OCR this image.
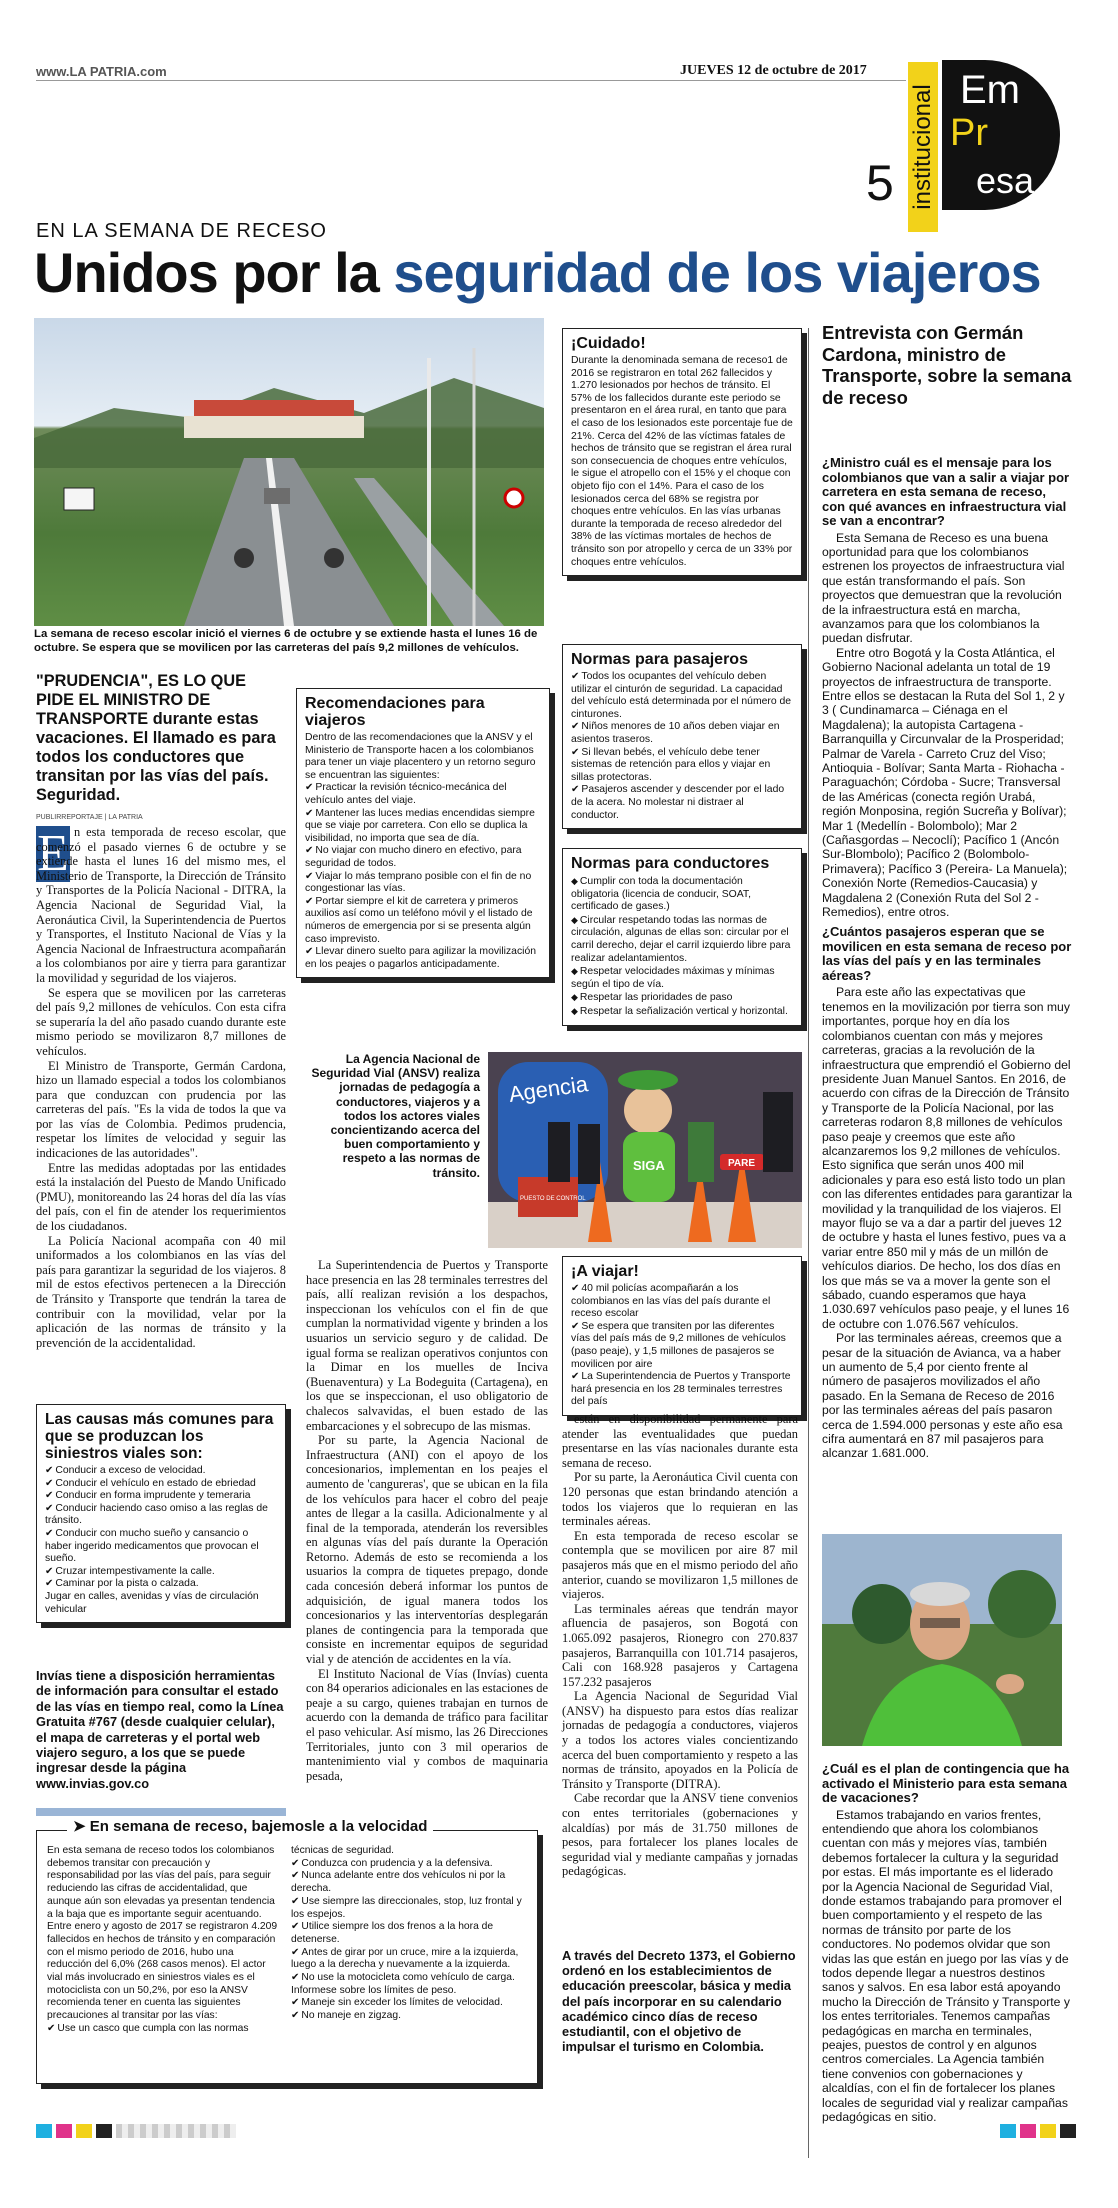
www.LA PATRIA.com	JUEVES 12 de octubre de 2017
5 institucional Em
Pr
esa
EN LA SEMANA DE RECESO
Unidos por la seguridad de los viajeros
La semana de receso escolar inició el viernes 6 de octubre y se extiende hasta el lunes 16 de octubre. Se espera que se movilicen por las carreteras del país 9,2 millones de vehículos.
"PRUDENCIA", ES LO QUE PIDE EL MINISTRO DE TRANSPORTE durante estas vacaciones. El llamado es para todos los conductores que transitan por las vías del país. Seguridad.
PUBLIRREPORTAJE | LA PATRIA
E n esta temporada de receso escolar, que comenzó el pasado viernes 6 de octubre y se extiende hasta el lunes 16 del mismo mes, el Ministerio de Transporte, la Dirección de Tránsito y Transportes de la Policía Nacional - DITRA, la Agencia Nacional de Seguridad Vial, la Aeronáutica Civil, la Superintendencia de Puertos y Transportes, el Instituto Nacional de Vías y la Agencia Nacional de Infraestructura acompañarán a los colombianos por aire y tierra para garantizar la movilidad y seguridad de los viajeros.

Se espera que se movilicen por las carreteras del país 9,2 millones de vehículos. Con esta cifra se superaría la del año pasado cuando durante este mismo periodo se movilizaron 8,7 millones de vehículos.

El Ministro de Transporte, Germán Cardona, hizo un llamado especial a todos los colombianos para que conduzcan con prudencia por las carreteras del país. "Es la vida de todos la que va por las vías de Colombia. Pedimos prudencia, respetar los límites de velocidad y seguir las indicaciones de las autoridades".

Entre las medidas adoptadas por las entidades está la instalación del Puesto de Mando Unificado (PMU), monitoreando las 24 horas del día las vías del país, con el fin de atender los requerimientos de los ciudadanos.

La Policía Nacional acompaña con 40 mil uniformados a los colombianos en las vías del país para garantizar la seguridad de los viajeros. 8 mil de estos efectivos pertenecen a la Dirección de Tránsito y Transporte que tendrán la tarea de contribuir con la movilidad, velar por la aplicación de las normas de tránsito y la prevención de la accidentalidad.

Las causas más comunes para que se produzcan los siniestros viales son:
✔ Conducir a exceso de velocidad.
✔ Conducir el vehículo en estado de ebriedad
✔ Conducir en forma imprudente y temeraria
✔ Conducir haciendo caso omiso a las reglas de tránsito.
✔ Conducir con mucho sueño y cansancio o haber ingerido medicamentos que provocan el sueño.
✔ Cruzar intempestivamente la calle.
✔ Caminar por la pista o calzada.
Jugar en calles, avenidas y vías de circulación vehicular
Invías tiene a disposición herramientas de información para consultar el estado de las vías en tiempo real, como la Línea Gratuita #767 (desde cualquier celular), el mapa de carreteras y el portal web viajero seguro, a los que se puede ingresar desde la página www.invias.gov.co
➤ En semana de receso, bajemosle a la velocidad
En esta semana de receso todos los colombianos debemos transitar con precaución y responsabilidad por las vías del país, para seguir reduciendo las cifras de accidentalidad, que aunque aún son elevadas ya presentan tendencia a la baja que es importante seguir acentuando. Entre enero y agosto de 2017 se registraron 4.209 fallecidos en hechos de tránsito y en comparación con el mismo periodo de 2016, hubo una reducción del 6,0% (268 casos menos). El actor vial más involucrado en siniestros viales es el motociclista con un 50,2%, por eso la ANSV recomienda tener en cuenta las siguientes precauciones al transitar por las vías:
✔ Use un casco que cumpla con las normas
técnicas de seguridad.
✔ Conduzca con prudencia y a la defensiva.
✔ Nunca adelante entre dos vehículos ni por la derecha.
✔ Use siempre las direccionales, stop, luz frontal y los espejos.
✔ Utilice siempre los dos frenos a la hora de detenerse.
✔ Antes de girar por un cruce, mire a la izquierda, luego a la derecha y nuevamente a la izquierda.
✔ No use la motocicleta como vehículo de carga. Informese sobre los límites de peso.
✔ Maneje sin exceder los límites de velocidad.
✔ No maneje en zigzag.
Recomendaciones para viajeros
Dentro de las recomendaciones que la ANSV y el Ministerio de Transporte hacen a los colombianos para tener un viaje placentero y un retorno seguro se encuentran las siguientes:
✔ Practicar la revisión técnico-mecánica del vehículo antes del viaje.
✔ Mantener las luces medias encendidas siempre que se viaje por carretera. Con ello se duplica la visibilidad, no importa que sea de día.
✔ No viajar con mucho dinero en efectivo, para seguridad de todos.
✔ Viajar lo más temprano posible con el fin de no congestionar las vías.
✔ Portar siempre el kit de carretera y primeros auxilios así como un teléfono móvil y el listado de números de emergencia por si se presenta algún caso imprevisto.
✔ Llevar dinero suelto para agilizar la movilización en los peajes o pagarlos anticipadamente.
¡Cuidado!
Durante la denominada semana de receso1 de 2016 se registraron en total 262 fallecidos y 1.270 lesionados por hechos de tránsito. El 57% de los fallecidos durante este periodo se presentaron en el área rural, en tanto que para el caso de los lesionados este porcentaje fue de 21%. Cerca del 42% de las víctimas fatales de hechos de tránsito que se registran el área rural son consecuencia de choques entre vehículos, le sigue el atropello con el 15% y el choque con objeto fijo con el 14%. Para el caso de los lesionados cerca del 68% se registra por choques entre vehículos. En las vías urbanas durante la temporada de receso alrededor del 38% de las víctimas mortales de hechos de tránsito son por atropello y cerca de un 33% por choques entre vehículos.
Normas para pasajeros
✔ Todos los ocupantes del vehículo deben utilizar el cinturón de seguridad. La capacidad del vehículo está determinada por el número de cinturones.
✔ Niños menores de 10 años deben viajar en asientos traseros.
✔ Si llevan bebés, el vehículo debe tener sistemas de retención para ellos y viajar en sillas protectoras.
✔ Pasajeros ascender y descender por el lado de la acera. No molestar ni distraer al conductor.
Normas para conductores
◆ Cumplir con toda la documentación obligatoria (licencia de conducir, SOAT, certificado de gases.)
◆ Circular respetando todas las normas de circulación, algunas de ellas son: circular por el carril derecho, dejar el carril izquierdo libre para realizar adelantamientos.
◆ Respetar velocidades máximas y mínimas según el tipo de vía.
◆ Respetar las prioridades de paso
◆ Respetar la señalización vertical y horizontal.
La Agencia Nacional de Seguridad Vial (ANSV) realiza jornadas de pedagogía a conductores, viajeros y a todos los actores viales concientizando acerca del buen comportamiento y respeto a las normas de tránsito.
Agencia
SIGA	PARE
PUESTO DE CONTROL

La Superintendencia de Puertos y Transporte hace presencia en las 28 terminales terrestres del país, allí realizan revisión a los despachos, inspeccionan los vehículos con el fin de que cumplan la normatividad vigente y brinden a los usuarios un servicio seguro y de calidad. De igual forma se realizan operativos conjuntos con la Dimar en los muelles de Inciva (Buenaventura) y La Bodeguita (Cartagena), en los que se inspeccionan, el uso obligatorio de chalecos salvavidas, el buen estado de las embarcaciones y el sobrecupo de las mismas.

Por su parte, la Agencia Nacional de Infraestructura (ANI) con el apoyo de los concesionarios, implementan en los peajes el aumento de 'cangureras', que se ubican en la fila de los vehículos para hacer el cobro del peaje antes de llegar a la casilla. Adicionalmente y al final de la temporada, atenderán los reversibles en algunas vías del país durante la Operación Retorno. Además de esto se recomienda a los usuarios la compra de tiquetes prepago, donde cada concesión deberá informar los puntos de adquisición, de igual manera todos los concesionarios y las interventorías desplegarán planes de contingencia para la temporada que consiste en incrementar equipos de seguridad vial y de atención de accidentes en la vía.

El Instituto Nacional de Vías (Invías) cuenta con 84 operarios adicionales en las estaciones de peaje a su cargo, quienes trabajan en turnos de acuerdo con la demanda de tráfico para facilitar el paso vehicular. Así mismo, las 26 Direcciones Territoriales, junto con 3 mil operarios de mantenimiento vial y combos de maquinaria pesada,

¡A viajar!
✔ 40 mil policías acompañarán a los colombianos en las vías del país durante el receso escolar
✔ Se espera que transiten por las diferentes vías del país más de 9,2 millones de vehículos (paso peaje), y 1,5 millones de pasajeros se movilicen por aire
✔ La Superintendencia de Puertos y Transporte hará presencia en los 28 terminales terrestres del país

están en disponibilidad permanente para atender las eventualidades que puedan presentarse en las vías nacionales durante esta semana de receso.

Por su parte, la Aeronáutica Civil cuenta con 120 personas que estan brindando atención a todos los viajeros que lo requieran en las terminales aéreas.

En esta temporada de receso escolar se contempla que se movilicen por aire 87 mil pasajeros más que en el mismo periodo del año anterior, cuando se movilizaron 1,5 millones de viajeros.

Las terminales aéreas que tendrán mayor afluencia de pasajeros, son Bogotá con 1.065.092 pasajeros, Rionegro con 270.837 pasajeros, Barranquilla con 101.714 pasajeros, Cali con 168.928 pasajeros y Cartagena 157.232 pasajeros

La Agencia Nacional de Seguridad Vial (ANSV) ha dispuesto para estos días realizar jornadas de pedagogía a conductores, viajeros y a todos los actores viales concientizando acerca del buen comportamiento y respeto a las normas de tránsito, apoyados en la Policía de Tránsito y Transporte (DITRA).

Cabe recordar que la ANSV tiene convenios con entes territoriales (gobernaciones y alcaldías) por más de 31.750 millones de pesos, para fortalecer los planes locales de seguridad vial y mediante campañas y jornadas pedagógicas.

A través del Decreto 1373, el Gobierno ordenó en los establecimientos de educación preescolar, básica y media del país incorporar en su calendario académico cinco días de receso estudiantil, con el objetivo de impulsar el turismo en Colombia.
Entrevista con Germán Cardona, ministro de Transporte, sobre la semana de receso

¿Ministro cuál es el mensaje para los colombianos que van a salir a viajar por carretera en esta semana de receso, con qué avances en infraestructura vial se van a encontrar?

Esta Semana de Receso es una buena oportunidad para que los colombianos estrenen los proyectos de infraestructura vial que están transformando el país. Son proyectos que demuestran que la revolución de la infraestructura está en marcha, avanzamos para que los colombianos la puedan disfrutar.

Entre otro Bogotá y la Costa Atlántica, el Gobierno Nacional adelanta un total de 19 proyectos de infraestructura de transporte. Entre ellos se destacan la Ruta del Sol 1, 2 y 3 ( Cundinamarca – Ciénaga en el Magdalena); la autopista Cartagena - Barranquilla y Circunvalar de la Prosperidad; Palmar de Varela - Carreto Cruz del Viso; Antioquia - Bolívar; Santa Marta - Riohacha - Paraguachón; Córdoba - Sucre; Transversal de las Américas (conecta región Urabá, región Monposina, región Sucreña y Bolívar); Mar 1 (Medellín - Bolombolo); Mar 2 (Cañasgordas – Necoclí); Pacífico 1 (Ancón Sur-Blombolo); Pacífico 2 (Bolombolo- Primavera); Pacífico 3 (Pereira- La Manuela); Conexión Norte (Remedios-Caucasia) y Magdalena 2 (Conexión Ruta del Sol 2 - Remedios), entre otros.

¿Cuántos pasajeros esperan que se movilicen en esta semana de receso por las vías del país y en las terminales aéreas?

Para este año las expectativas que tenemos en la movilización por tierra son muy importantes, porque hoy en día los colombianos cuentan con más y mejores carreteras, gracias a la revolución de la infraestructura que emprendió el Gobierno del presidente Juan Manuel Santos. En 2016, de acuerdo con cifras de la Dirección de Tránsito y Transporte de la Policía Nacional, por las carreteras rodaron 8,8 millones de vehículos paso peaje y creemos que este año alcanzaremos los 9,2 millones de vehículos. Esto significa que serán unos 400 mil adicionales y para eso está listo todo un plan con las diferentes entidades para garantizar la movilidad y la tranquilidad de los viajeros. El mayor flujo se va a dar a partir del jueves 12 de octubre y hasta el lunes festivo, pues va a variar entre 850 mil y más de un millón de vehículos diarios. De hecho, los dos días en los que más se va a mover la gente son el sábado, cuando esperamos que haya 1.030.697 vehículos paso peaje, y el lunes 16 de octubre con 1.076.567 vehículos.

Por las terminales aéreas, creemos que a pesar de la situación de Avianca, va a haber un aumento de 5,4 por ciento frente al número de pasajeros movilizados el año pasado. En la Semana de Receso de 2016 por las terminales aéreas del país pasaron cerca de 1.594.000 personas y este año esa cifra aumentará en 87 mil pasajeros para alcanzar 1.681.000.

¿Cuál es el plan de contingencia que ha activado el Ministerio para esta semana de vacaciones?

Estamos trabajando en varios frentes, entendiendo que ahora los colombianos cuentan con más y mejores vías, también debemos fortalecer la cultura y la seguridad por estas. El más importante es el liderado por la Agencia Nacional de Seguridad Vial, donde estamos trabajando para promover el buen comportamiento y el respeto de las normas de tránsito por parte de los conductores. No podemos olvidar que son vidas las que están en juego por las vías y de todos depende llegar a nuestros destinos sanos y salvos. En esa labor está apoyando mucho la Dirección de Tránsito y Transporte y los entes territoriales. Tenemos campañas pedagógicas en marcha en terminales, peajes, puestos de control y en algunos centros comerciales. La Agencia también tiene convenios con gobernaciones y alcaldías, con el fin de fortalecer los planes locales de seguridad vial y realizar campañas pedagógicas en sitio.
